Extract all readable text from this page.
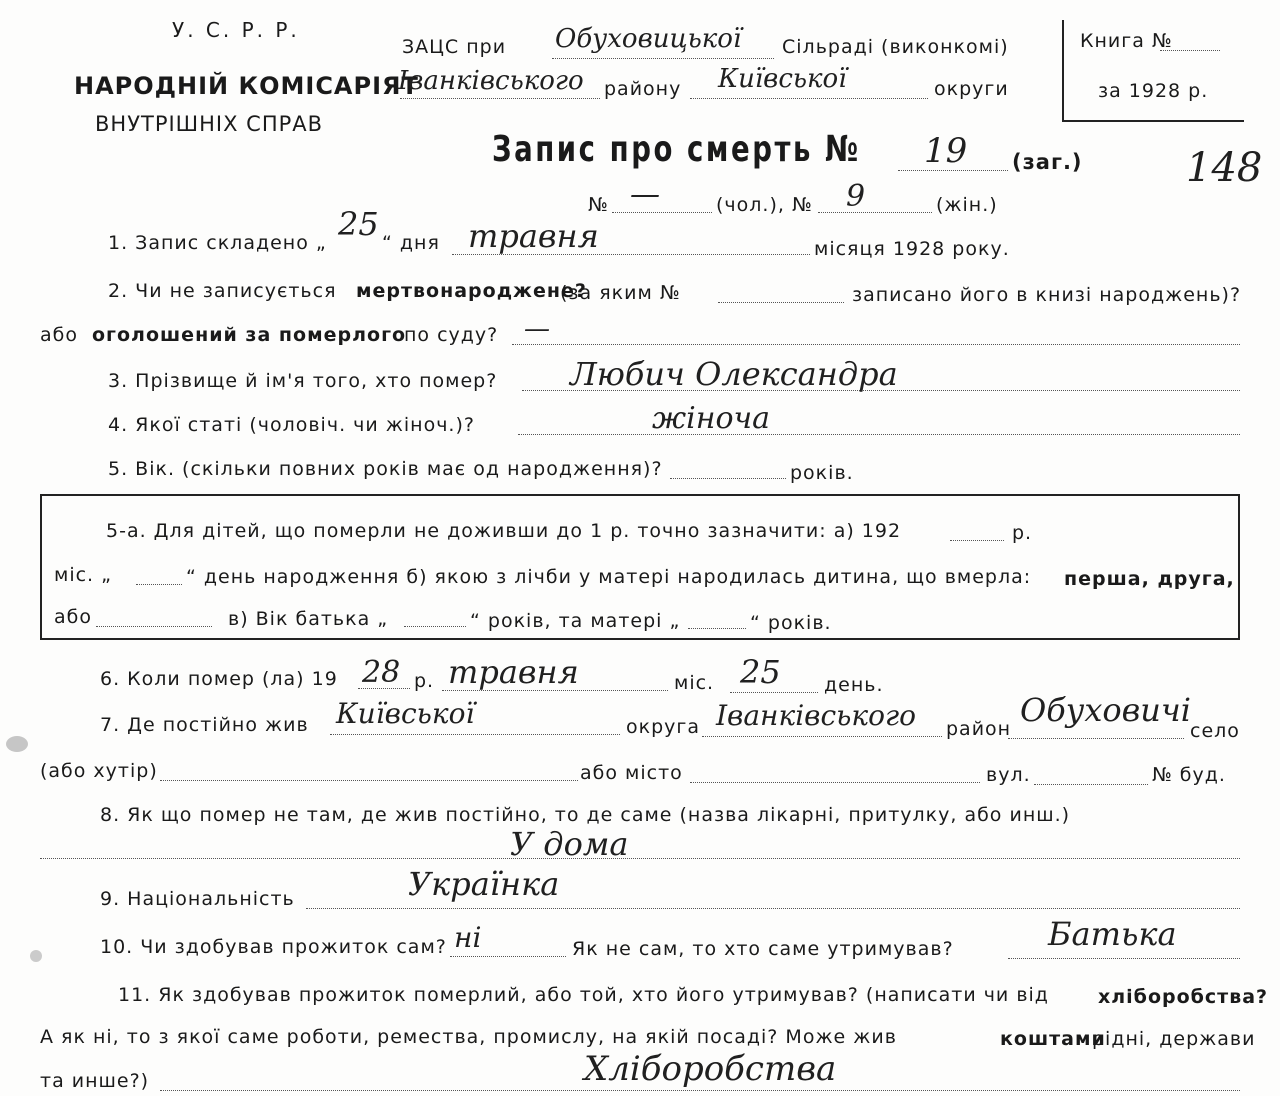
У. С. Р. Р.
НАРОДНІЙ КОМІСАРІЯТ
ВНУТРІШНІХ СПРАВ
ЗАЦС при Обуховицької Сільраді (виконкомі)
Іванківського району Київської	округи
Книга №
за 1928 р.
148
Запис про смерть № 19 (заг.)
№ —	(чол.), № 9	(жін.)
1. Запис складено „ 25 “ дня травня	місяця 1928 року.
2. Чи не записується мертвонароджене?
(за яким №	записано його в книзі народжень)?
або оголошений за померлого
по суду? —
3. Прізвище й ім'я того, хто помер? Любич Олександра
4. Якої статі (чоловіч. чи жіноч.)?	жіноча
5. Вік. (скільки повних років має од народження)?	років.
5-а. Для дітей, що померли не доживши до 1 р. точно зазначити: а) 192	р.
міс. „	“ день народження б) якою з лічби у матері народилась дитина, що вмерла: перша, друга,
або	в) Вік батька „	“ років, та матері „	“ років.
6. Коли помер (ла) 19 28 р. травня	міс. 25 день.
7. Де постійно жив Київської	округа Іванківського район Обуховичі
село
(або хутір)	або місто	вул.	№ буд.
8. Як що помер не там, де жив постійно, то де саме (назва лікарні, притулку, або инш.)
У дома
9. Національність	Українка
10. Чи здобував прожиток сам? ні	Як не сам, то хто саме утримував?	Батька
11. Як здобував прожиток померлий, або той, хто його утримував? (написати чи від	хліборобства?
А як ні, то з якої саме роботи, ремества, промислу, на якій посаді? Може жив	коштами
рідні, держави
та инше?)	Хліборобства
